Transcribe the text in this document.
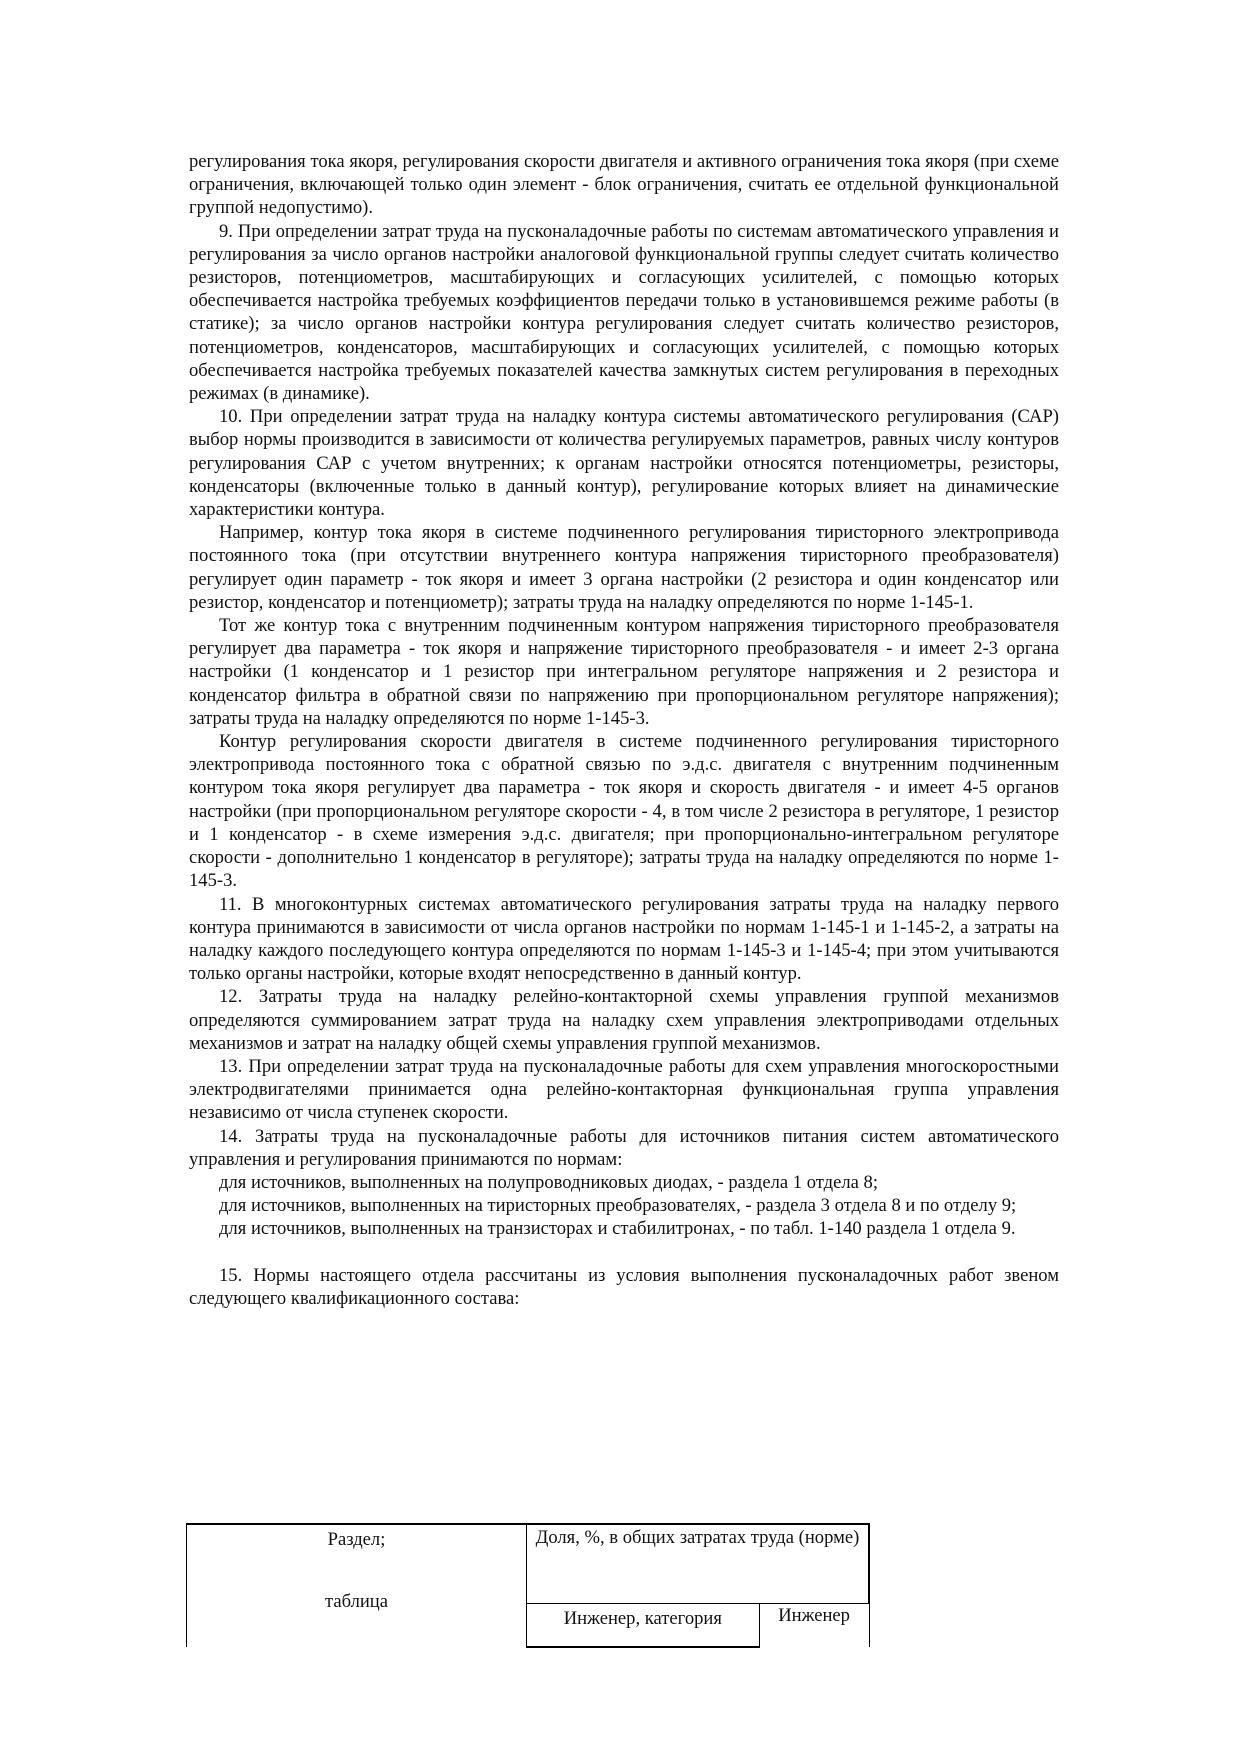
регулирования тока якоря, регулирования скорости двигателя и активного ограничения тока якоря (при схеме ограничения, включающей только один элемент - блок ограничения, считать ее отдельной функциональной группой недопустимо).

9. При определении затрат труда на пусконаладочные работы по системам автоматического управления и регулирования за число органов настройки аналоговой функциональной группы следует считать количество резисторов, потенциометров, масштабирующих и согласующих усилителей, с помощью которых обеспечивается настройка требуемых коэффициентов передачи только в установившемся режиме работы (в статике); за число органов настройки контура регулирования следует считать количество резисторов, потенциометров, конденсаторов, масштабирующих и согласующих усилителей, с помощью которых обеспечивается настройка требуемых показателей качества замкнутых систем регулирования в переходных режимах (в динамике).

10. При определении затрат труда на наладку контура системы автоматического регулирования (САР) выбор нормы производится в зависимости от количества регулируемых параметров, равных числу контуров регулирования САР с учетом внутренних; к органам настройки относятся потенциометры, резисторы, конденсаторы (включенные только в данный контур), регулирование которых влияет на динамические характеристики контура.

Например, контур тока якоря в системе подчиненного регулирования тиристорного электропривода постоянного тока (при отсутствии внутреннего контура напряжения тиристорного преобразователя) регулирует один параметр - ток якоря и имеет 3 органа настройки (2 резистора и один конденсатор или резистор, конденсатор и потенциометр); затраты труда на наладку определяются по норме 1-145-1.

Тот же контур тока с внутренним подчиненным контуром напряжения тиристорного преобразователя регулирует два параметра - ток якоря и напряжение тиристорного преобразователя - и имеет 2-3 органа настройки (1 конденсатор и 1 резистор при интегральном регуляторе напряжения и 2 резистора и конденсатор фильтра в обратной связи по напряжению при пропорциональном регуляторе напряжения); затраты труда на наладку определяются по норме 1-145-3.

Контур регулирования скорости двигателя в системе подчиненного регулирования тиристорного электропривода постоянного тока с обратной связью по э.д.с. двигателя с внутренним подчиненным контуром тока якоря регулирует два параметра - ток якоря и скорость двигателя - и имеет 4-5 органов настройки (при пропорциональном регуляторе скорости - 4, в том числе 2 резистора в регуляторе, 1 резистор и 1 конденсатор - в схеме измерения э.д.с. двигателя; при пропорционально-интегральном регуляторе скорости - дополнительно 1 конденсатор в регуляторе); затраты труда на наладку определяются по норме 1-145-3.

11. В многоконтурных системах автоматического регулирования затраты труда на наладку первого контура принимаются в зависимости от числа органов настройки по нормам 1-145-1 и 1-145-2, а затраты на наладку каждого последующего контура определяются по нормам 1-145-3 и 1-145-4; при этом учитываются только органы настройки, которые входят непосредственно в данный контур.

12. Затраты труда на наладку релейно-контакторной схемы управления группой механизмов определяются суммированием затрат труда на наладку схем управления электроприводами отдельных механизмов и затрат на наладку общей схемы управления группой механизмов.

13. При определении затрат труда на пусконаладочные работы для схем управления многоскоростными электродвигателями принимается одна релейно-контакторная функциональная группа управления независимо от числа ступенек скорости.

14. Затраты труда на пусконаладочные работы для источников питания систем автоматического управления и регулирования принимаются по нормам:

для источников, выполненных на полупроводниковых диодах, - раздела 1 отдела 8;

для источников, выполненных на тиристорных преобразователях, - раздела 3 отдела 8 и по отделу 9;

для источников, выполненных на транзисторах и стабилитронах, - по табл. 1-140 раздела 1 отдела 9.

15. Нормы настоящего отдела рассчитаны из условия выполнения пусконаладочных работ звеном следующего квалификационного состава:

Раздел;
таблица	Доля, %, в общих затратах труда (норме)	
	Инженер, категория	Инженер
